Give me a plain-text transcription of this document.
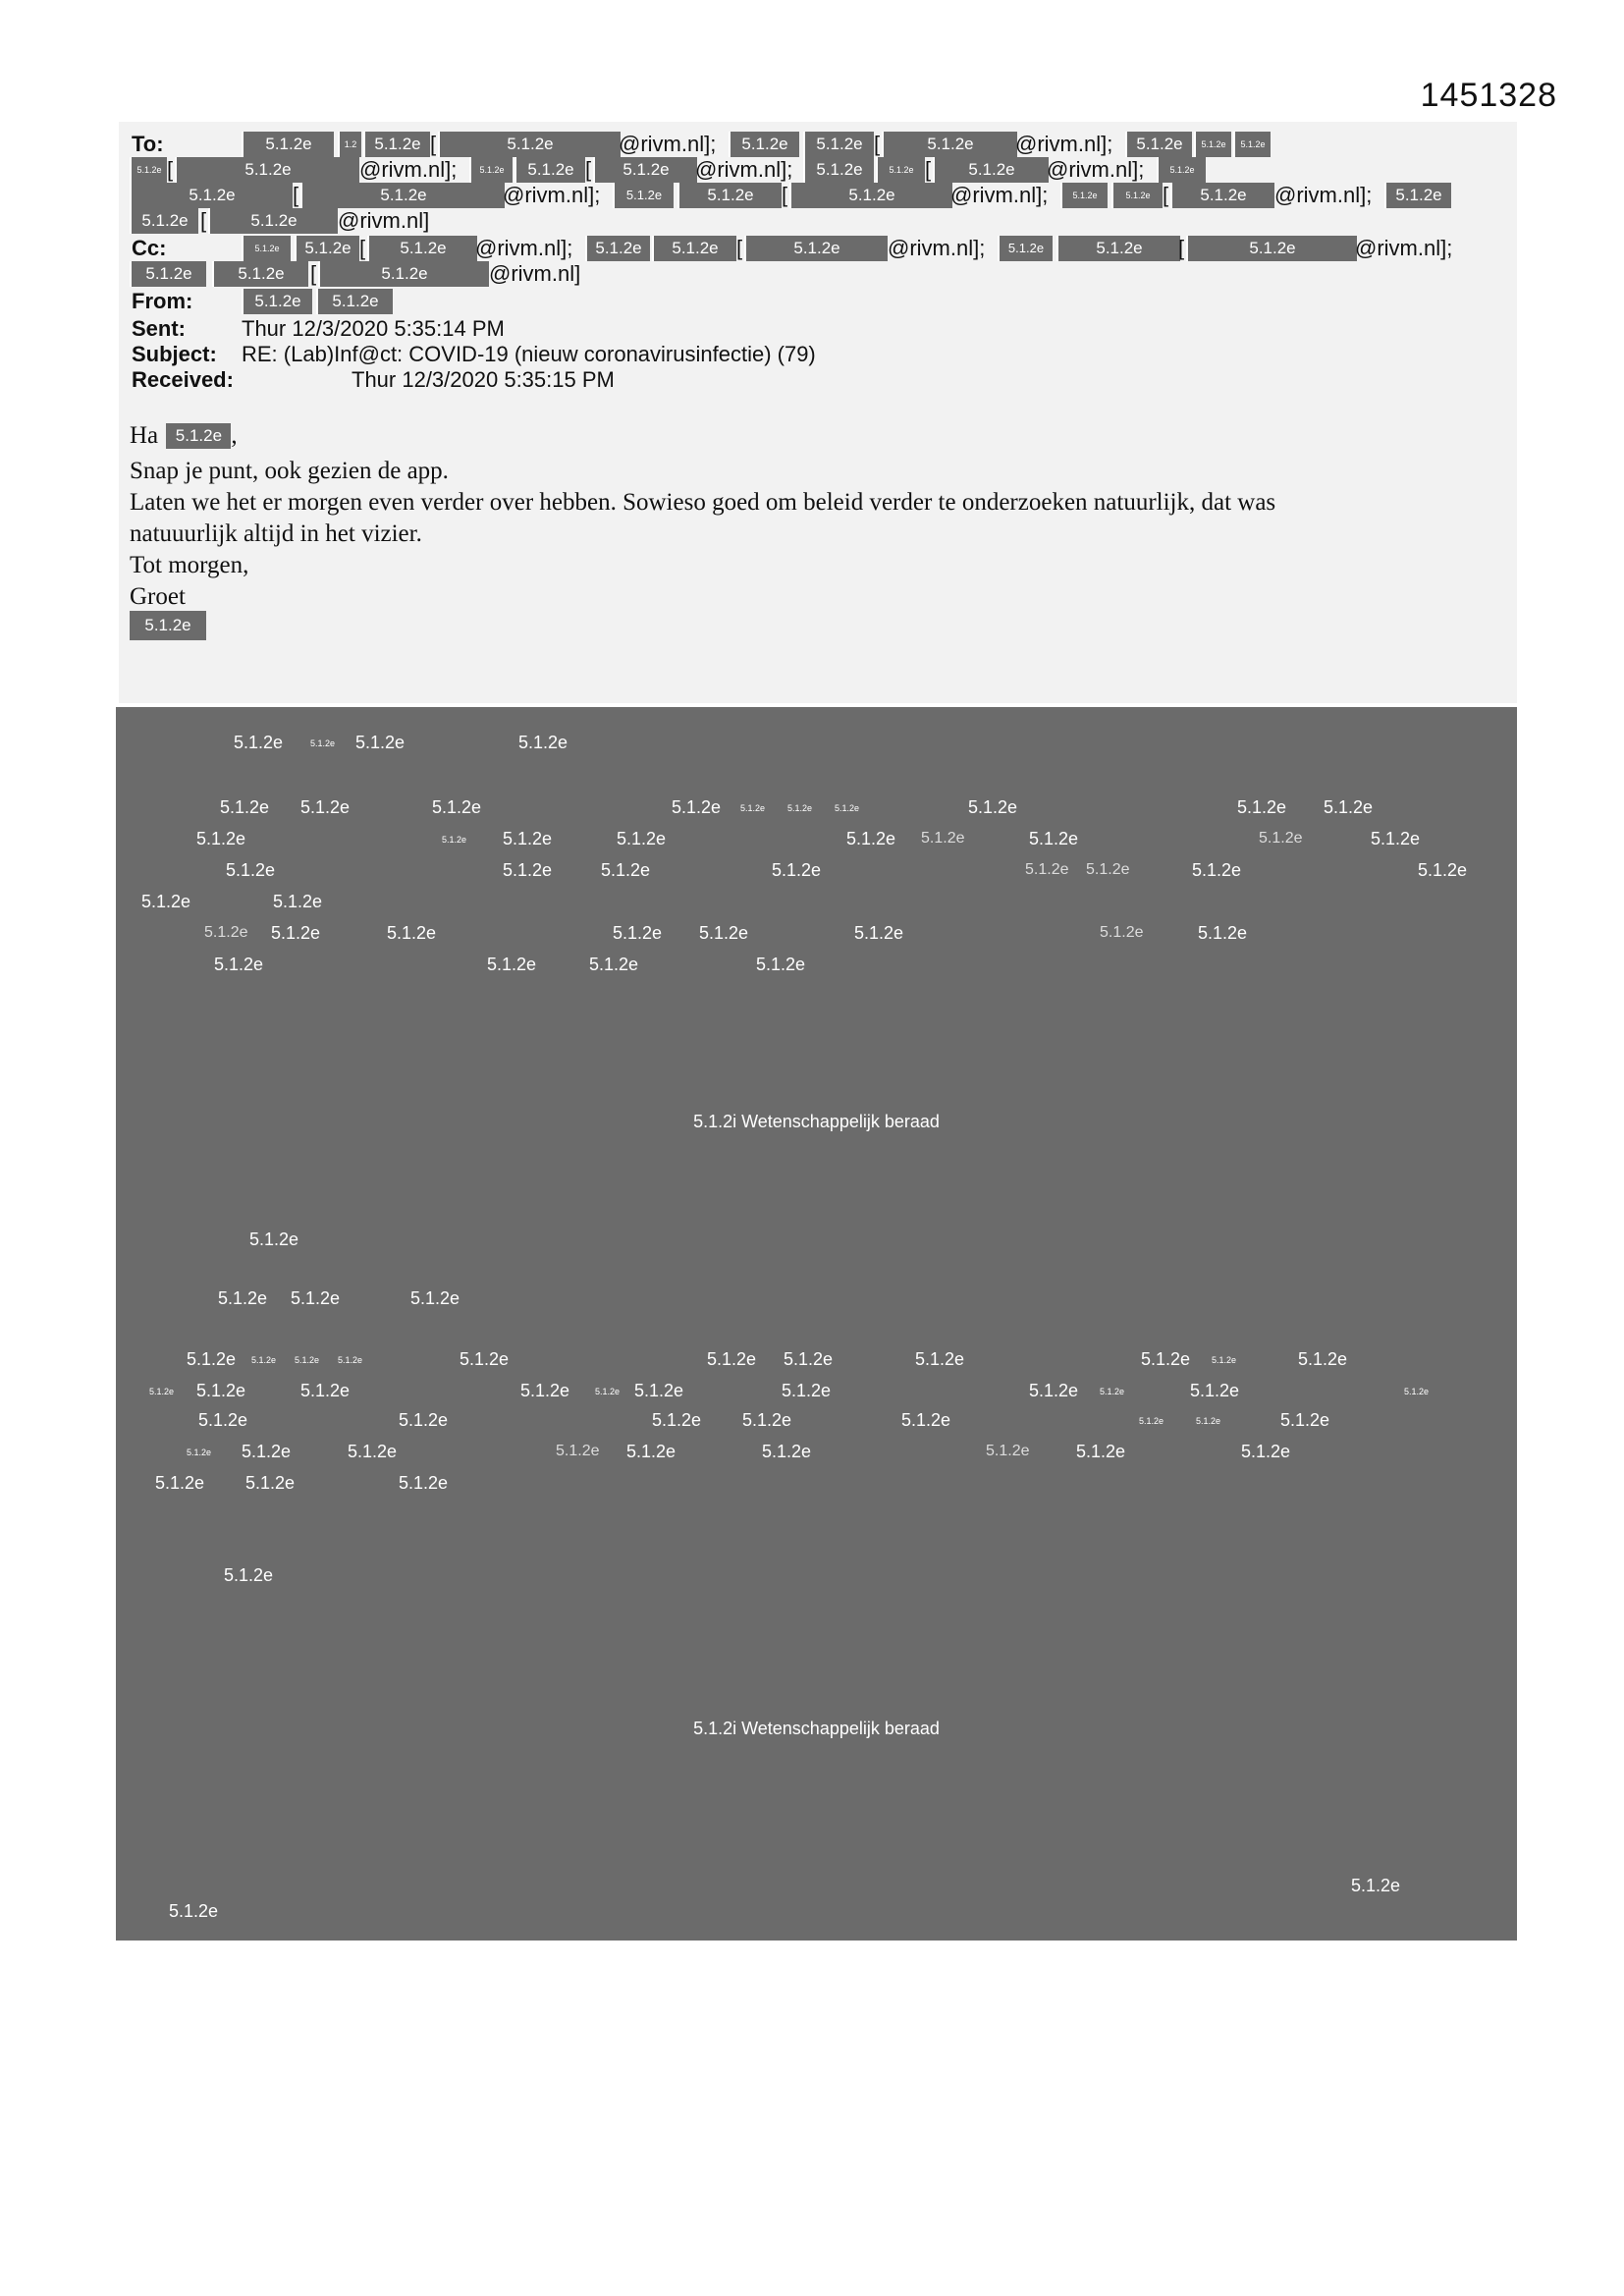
1451328
To:	5.1.2e	1.2	5.1.2e [	5.1.2e	@rivm.nl];	5.1.2e	5.1.2e [	5.1.2e	@rivm.nl];	5.1.2e	5.1.2e	5.1.2e
5.1.2e [	5.1.2e	@rivm.nl];	5.1.2e	5.1.2e [	5.1.2e	@rivm.nl];	5.1.2e	5.1.2e [	5.1.2e	@rivm.nl];	5.1.2e
5.1.2e	[	5.1.2e	@rivm.nl];	5.1.2e	5.1.2e	[	5.1.2e	@rivm.nl];	5.1.2e	5.1.2e [	5.1.2e	@rivm.nl];	5.1.2e
5.1.2e [	5.1.2e	@rivm.nl]
Cc:	5.1.2e	5.1.2e [	5.1.2e	@rivm.nl];	5.1.2e	5.1.2e [	5.1.2e	@rivm.nl];	5.1.2e	5.1.2e	[	5.1.2e	@rivm.nl];
5.1.2e	5.1.2e	[	5.1.2e	@rivm.nl]
From:	5.1.2e	5.1.2e
Sent:	Thur 12/3/2020 5:35:14 PM
Subject: RE: (Lab)Inf@ct: COVID-19 (nieuw coronavirusinfectie) (79)
Received:	Thur 12/3/2020 5:35:15 PM
Ha 5.1.2e ,
Snap je punt, ook gezien de app.
Laten we het er morgen even verder over hebben. Sowieso goed om beleid verder te onderzoeken natuurlijk, dat was
natuuurlijk altijd in het vizier.
Tot morgen,
Groet
5.1.2e
5.1.2e	5.1.2e 5.1.2e	5.1.2e
5.1.2e 5.1.2e	5.1.2e	5.1.2e 5.1.2e	5.1.2e	5.1.2e	5.1.2e	5.1.2e 5.1.2e
5.1.2e	5.1.2e 5.1.2e	5.1.2e	5.1.2e 5.1.2e	5.1.2e	5.1.2e	5.1.2e
5.1.2e	5.1.2e	5.1.2e	5.1.2e	5.1.2e 5.1.2e	5.1.2e	5.1.2e
5.1.2e	5.1.2e
5.1.2e 5.1.2e	5.1.2e	5.1.2e 5.1.2e	5.1.2e	5.1.2e	5.1.2e
5.1.2e	5.1.2e	5.1.2e	5.1.2e
5.1.2i Wetenschappelijk beraad
5.1.2e
5.1.2e 5.1.2e	5.1.2e
5.1.2e 5.1.2e 5.1.2e 5.1.2e	5.1.2e	5.1.2e 5.1.2e	5.1.2e	5.1.2e 5.1.2e	5.1.2e
5.1.2e 5.1.2e	5.1.2e	5.1.2e	5.1.2e 5.1.2e	5.1.2e	5.1.2e 5.1.2e	5.1.2e	5.1.2e
5.1.2e	5.1.2e	5.1.2e 5.1.2e	5.1.2e	5.1.2e	5.1.2e	5.1.2e
5.1.2e 5.1.2e	5.1.2e	5.1.2e 5.1.2e	5.1.2e	5.1.2e	5.1.2e	5.1.2e
5.1.2e 5.1.2e	5.1.2e
5.1.2e
5.1.2i Wetenschappelijk beraad
5.1.2e
5.1.2e
